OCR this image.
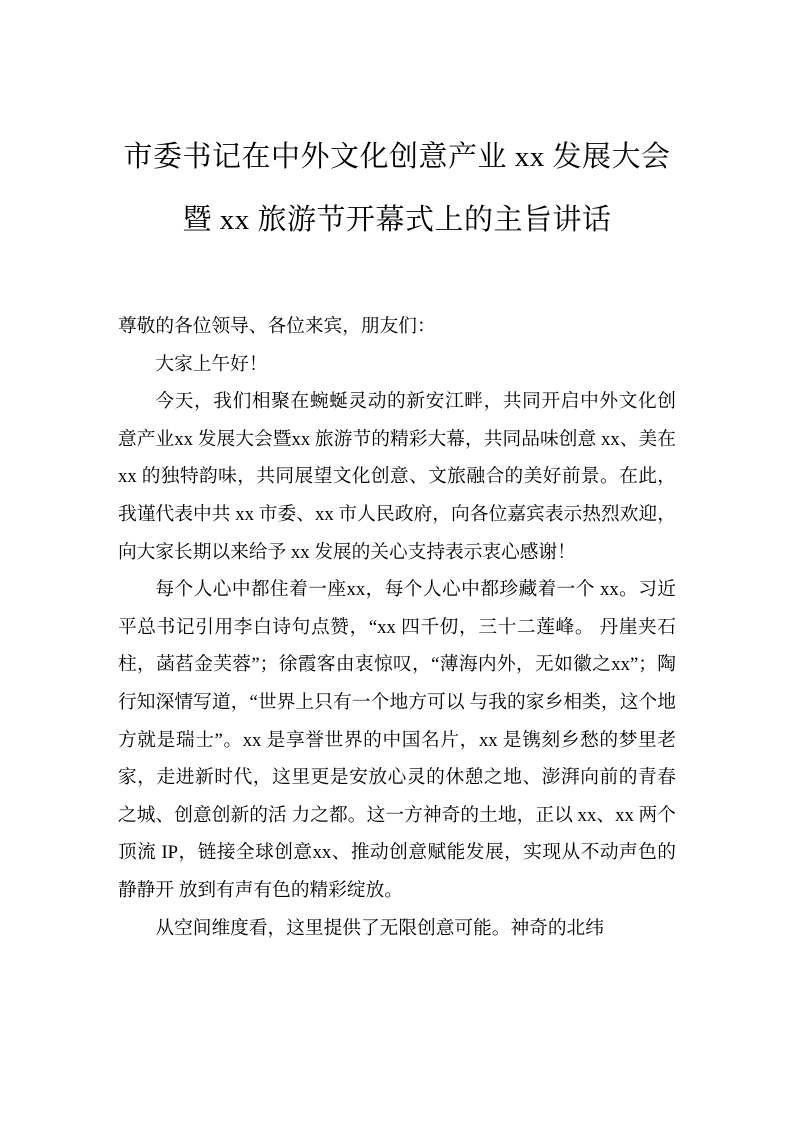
市委书记在中外文化创意产业 xx 发展大会
暨 xx 旅游节开幕式上的主旨讲话

尊敬的各位领导、各位来宾，朋友们：

大家上午好！

今天，我们相聚在蜿蜒灵动的新安江畔，共同开启中外文化创意产业xx 发展大会暨xx 旅游节的精彩大幕，共同品味创意 xx、美在 xx 的独特韵味，共同展望文化创意、文旅融合的美好前景。在此，我谨代表中共 xx 市委、xx 市人民政府，向各位嘉宾表示热烈欢迎，向大家长期以来给予 xx 发展的关心支持表示衷心感谢！

每个人心中都住着一座xx，每个人心中都珍藏着一个 xx。习近平总书记引用李白诗句点赞，“xx 四千仞，三十二莲峰。 丹崖夹石柱，菡萏金芙蓉”；徐霞客由衷惊叹，“薄海内外，无如徽之xx”；陶行知深情写道，“世界上只有一个地方可以 与我的家乡相类，这个地方就是瑞士”。xx 是享誉世界的中国名片，xx 是镌刻乡愁的梦里老家，走进新时代，这里更是安放心灵的休憩之地、澎湃向前的青春之城、创意创新的活 力之都。这一方神奇的土地，正以 xx、xx 两个顶流 IP，链接全球创意xx、推动创意赋能发展，实现从不动声色的静静开 放到有声有色的精彩绽放。

从空间维度看，这里提供了无限创意可能。神奇的北纬
